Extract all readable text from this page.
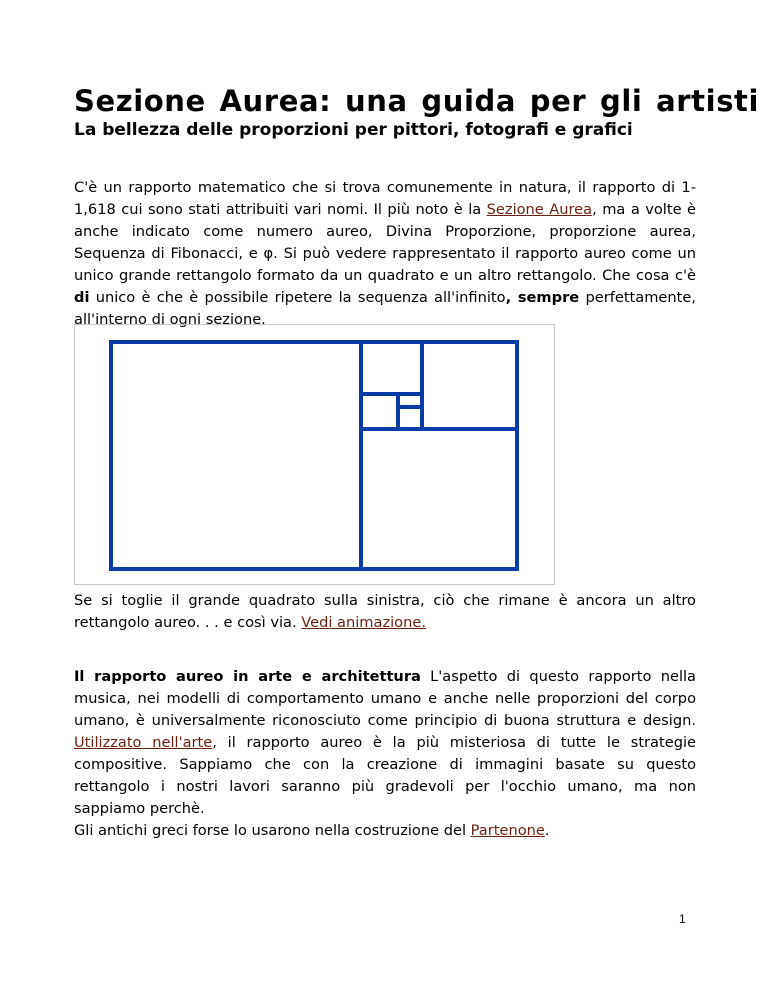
Sezione Aurea: una guida per gli artisti
La bellezza delle proporzioni per pittori, fotografi e grafici

C'è un rapporto matematico che si trova comunemente in natura, il rapporto di 1-1,618 cui sono stati attribuiti vari nomi. Il più noto è la Sezione Aurea, ma a volte è anche indicato come numero aureo, Divina Proporzione, proporzione aurea, Sequenza di Fibonacci, e φ. Si può vedere rappresentato il rapporto aureo come un unico grande rettangolo formato da un quadrato e un altro rettangolo. Che cosa c'è di unico è che è possibile ripetere la sequenza all'infinito, sempre perfettamente, all'interno di ogni sezione.

Se si toglie il grande quadrato sulla sinistra, ciò che rimane è ancora un altro rettangolo aureo. . . e così via. Vedi animazione.

Il rapporto aureo in arte e architettura L'aspetto di questo rapporto nella musica, nei modelli di comportamento umano e anche nelle proporzioni del corpo umano, è universalmente riconosciuto come principio di buona struttura e design. Utilizzato nell'arte, il rapporto aureo è la più misteriosa di tutte le strategie compositive. Sappiamo che con la creazione di immagini basate su questo rettangolo i nostri lavori saranno più gradevoli per l'occhio umano, ma non sappiamo perchè.
Gli antichi greci forse lo usarono nella costruzione del Partenone.

1
